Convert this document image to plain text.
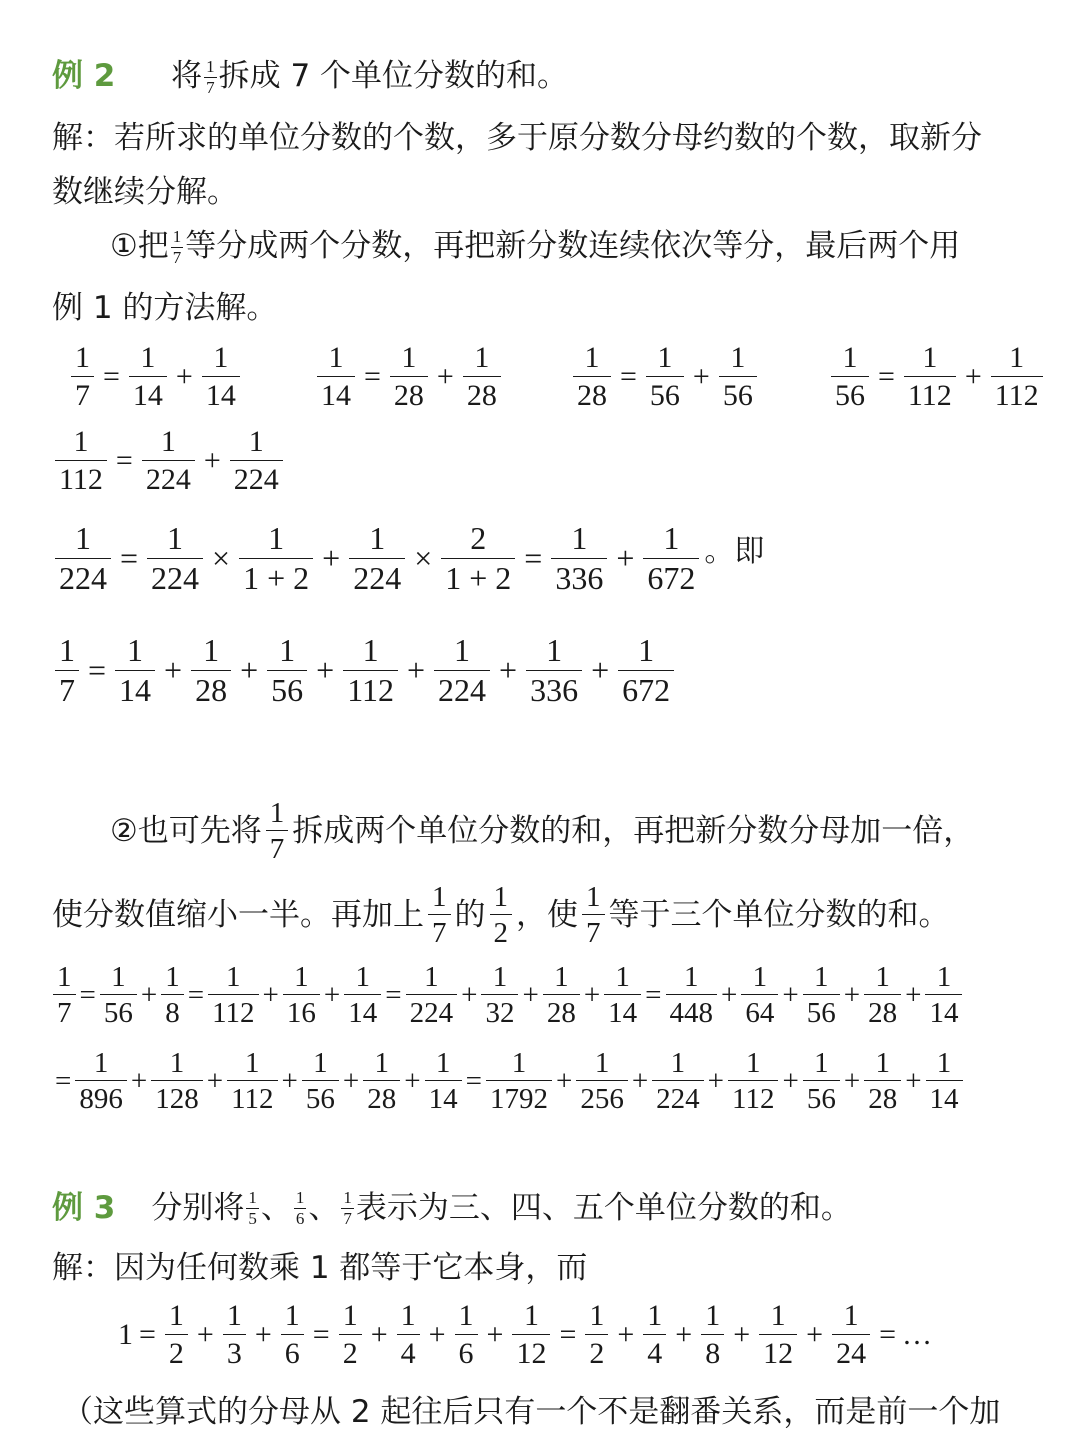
例 2 将 $\frac{1}{7}$ 拆成 7 个单位分数的和。
解：若所求的单位分数的个数，多于原分数分母约数的个数，取新分
数继续分解。
①把 $\frac{1}{7}$ 等分成两个分数，再把新分数连续依次等分，最后两个用
例 1 的方法解。
$\frac{1}{7} = \frac{1}{14} + \frac{1}{14}$	$\frac{1}{14} = \frac{1}{28} + \frac{1}{28} \frac{1}{28} = \frac{1}{56} + \frac{1}{56} \frac{1}{56} = \frac{1}{112} + \frac{1}{112}$
$\frac{1}{112} = \frac{1}{224} + \frac{1}{224}$
$\frac{1}{224} = \frac{1}{224} \times \frac{1}{1 + 2} + \frac{1}{224} \times \frac{2}{1 + 2} = \frac{1}{336} + \frac{1}{672}$ 。即
$\frac{1}{7} = \frac{1}{14} + \frac{1}{28} + \frac{1}{56} + \frac{1}{112} + \frac{1}{224} + \frac{1}{336} + \frac{1}{672}$
②也可先将 $\frac{1}{7}$ 拆成两个单位分数的和，再把新分数分母加一倍，
使分数值缩小一半。再加上 $\frac{1}{7}$ 的 $\frac{1}{2}$ ，使 $\frac{1}{7}$ 等于三个单位分数的和。
$\frac{1}{7} = \frac{1}{56} + \frac{1}{8} = \frac{1}{112} + \frac{1}{16} + \frac{1}{14} = \frac{1}{224} + \frac{1}{32} + \frac{1}{28} + \frac{1}{14} = \frac{1}{448} + \frac{1}{64} + \frac{1}{56} + \frac{1}{28} + \frac{1}{14}$
= $\frac{1}{896} + \frac{1}{128} + \frac{1}{112} + \frac{1}{56} + \frac{1}{28} + \frac{1}{14} = \frac{1}{1792} + \frac{1}{256} + \frac{1}{224} + \frac{1}{112} + \frac{1}{56} + \frac{1}{28} + \frac{1}{14}$
例 3 分别将 $\frac{1}{5}$ 、 $\frac{1}{6}$ 、 $\frac{1}{7}$ 表示为三、四、五个单位分数的和。
解：因为任何数乘 1 都等于它本身，而
$1 = \frac{1}{2} + \frac{1}{3} + \frac{1}{6} = \frac{1}{2} + \frac{1}{4} + \frac{1}{6} + \frac{1}{12} = \frac{1}{2} + \frac{1}{4} + \frac{1}{8} + \frac{1}{12} + \frac{1}{24}$ = …
（这些算式的分母从 2 起往后只有一个不是翻番关系，而是前一个加
